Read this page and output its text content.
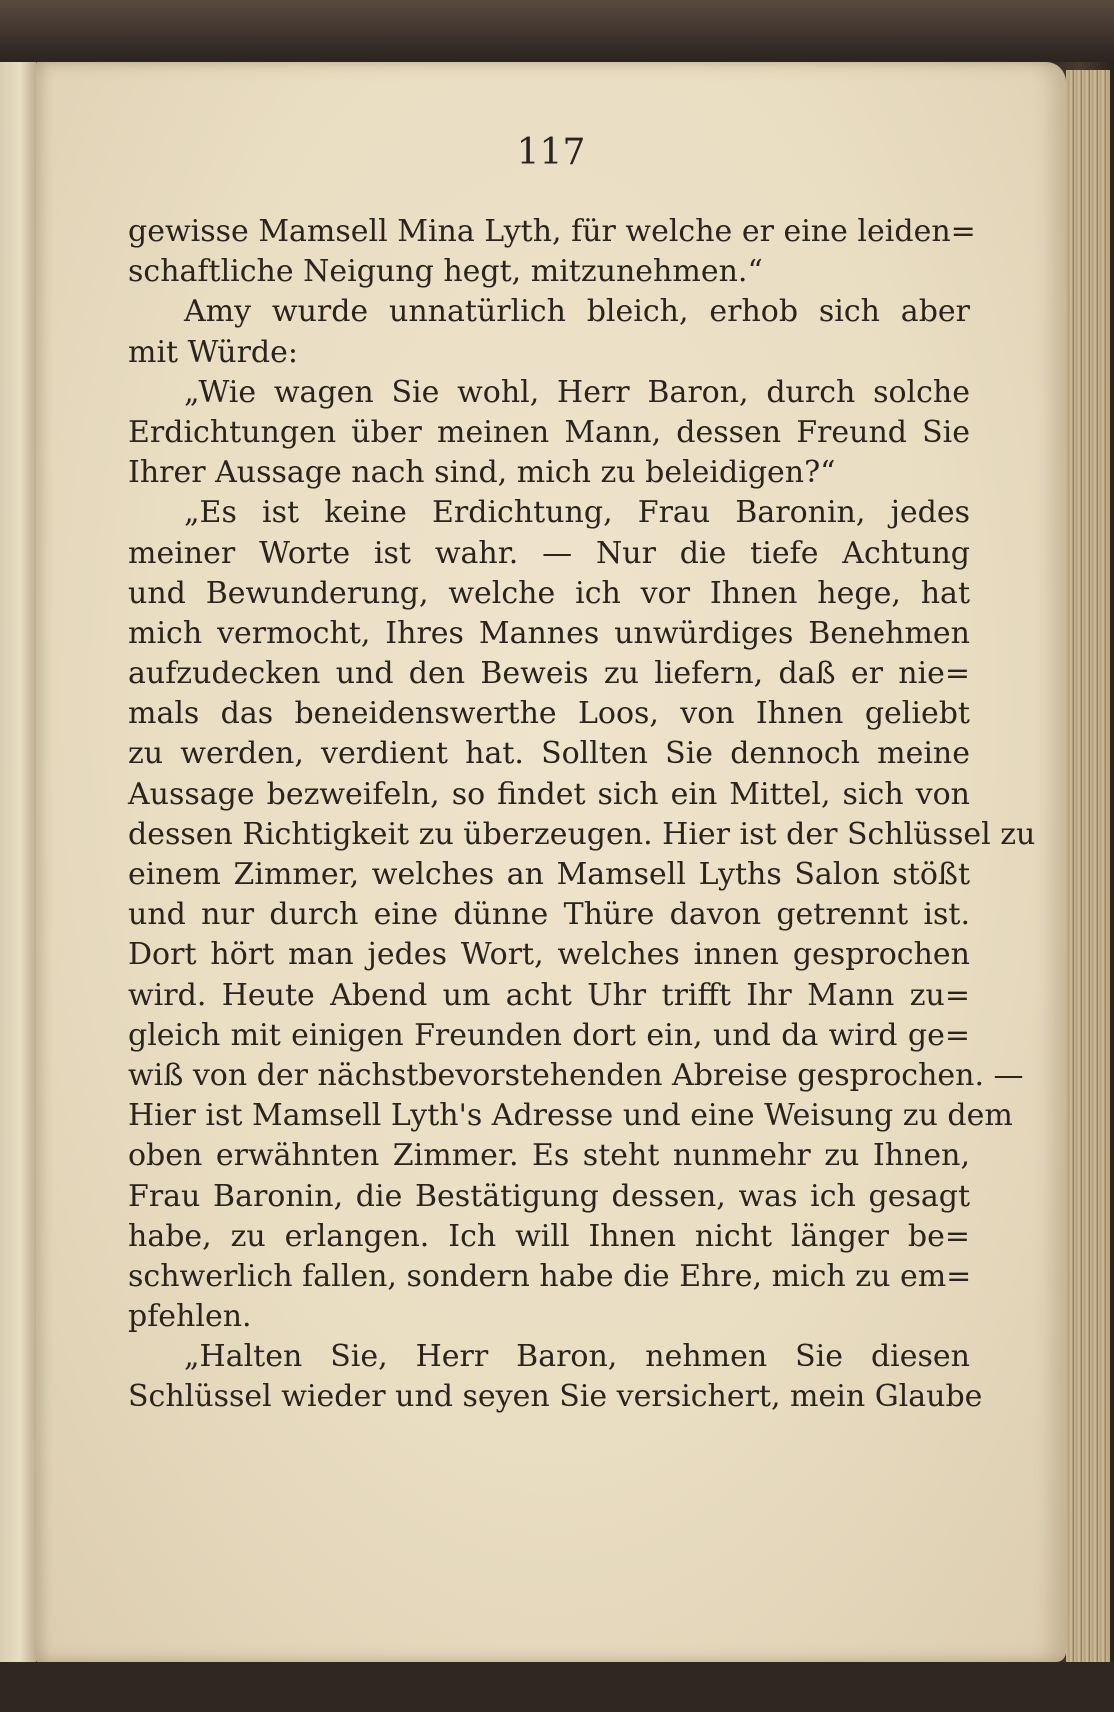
117
gewisse Mamsell Mina Lyth, für welche er eine leiden=
schaftliche Neigung hegt, mitzunehmen.“
Amy wurde unnatürlich bleich, erhob sich aber
mit Würde:
„Wie wagen Sie wohl, Herr Baron, durch solche
Erdichtungen über meinen Mann, dessen Freund Sie
Ihrer Aussage nach sind, mich zu beleidigen?“
„Es ist keine Erdichtung, Frau Baronin, jedes
meiner Worte ist wahr. — Nur die tiefe Achtung
und Bewunderung, welche ich vor Ihnen hege, hat
mich vermocht, Ihres Mannes unwürdiges Benehmen
aufzudecken und den Beweis zu liefern, daß er nie=
mals das beneidenswerthe Loos, von Ihnen geliebt
zu werden, verdient hat. Sollten Sie dennoch meine
Aussage bezweifeln, so findet sich ein Mittel, sich von
dessen Richtigkeit zu überzeugen. Hier ist der Schlüssel zu
einem Zimmer, welches an Mamsell Lyths Salon stößt
und nur durch eine dünne Thüre davon getrennt ist.
Dort hört man jedes Wort, welches innen gesprochen
wird. Heute Abend um acht Uhr trifft Ihr Mann zu=
gleich mit einigen Freunden dort ein, und da wird ge=
wiß von der nächstbevorstehenden Abreise gesprochen. —
Hier ist Mamsell Lyth's Adresse und eine Weisung zu dem
oben erwähnten Zimmer. Es steht nunmehr zu Ihnen,
Frau Baronin, die Bestätigung dessen, was ich gesagt
habe, zu erlangen. Ich will Ihnen nicht länger be=
schwerlich fallen, sondern habe die Ehre, mich zu em=
pfehlen.
„Halten Sie, Herr Baron, nehmen Sie diesen
Schlüssel wieder und seyen Sie versichert, mein Glaube
